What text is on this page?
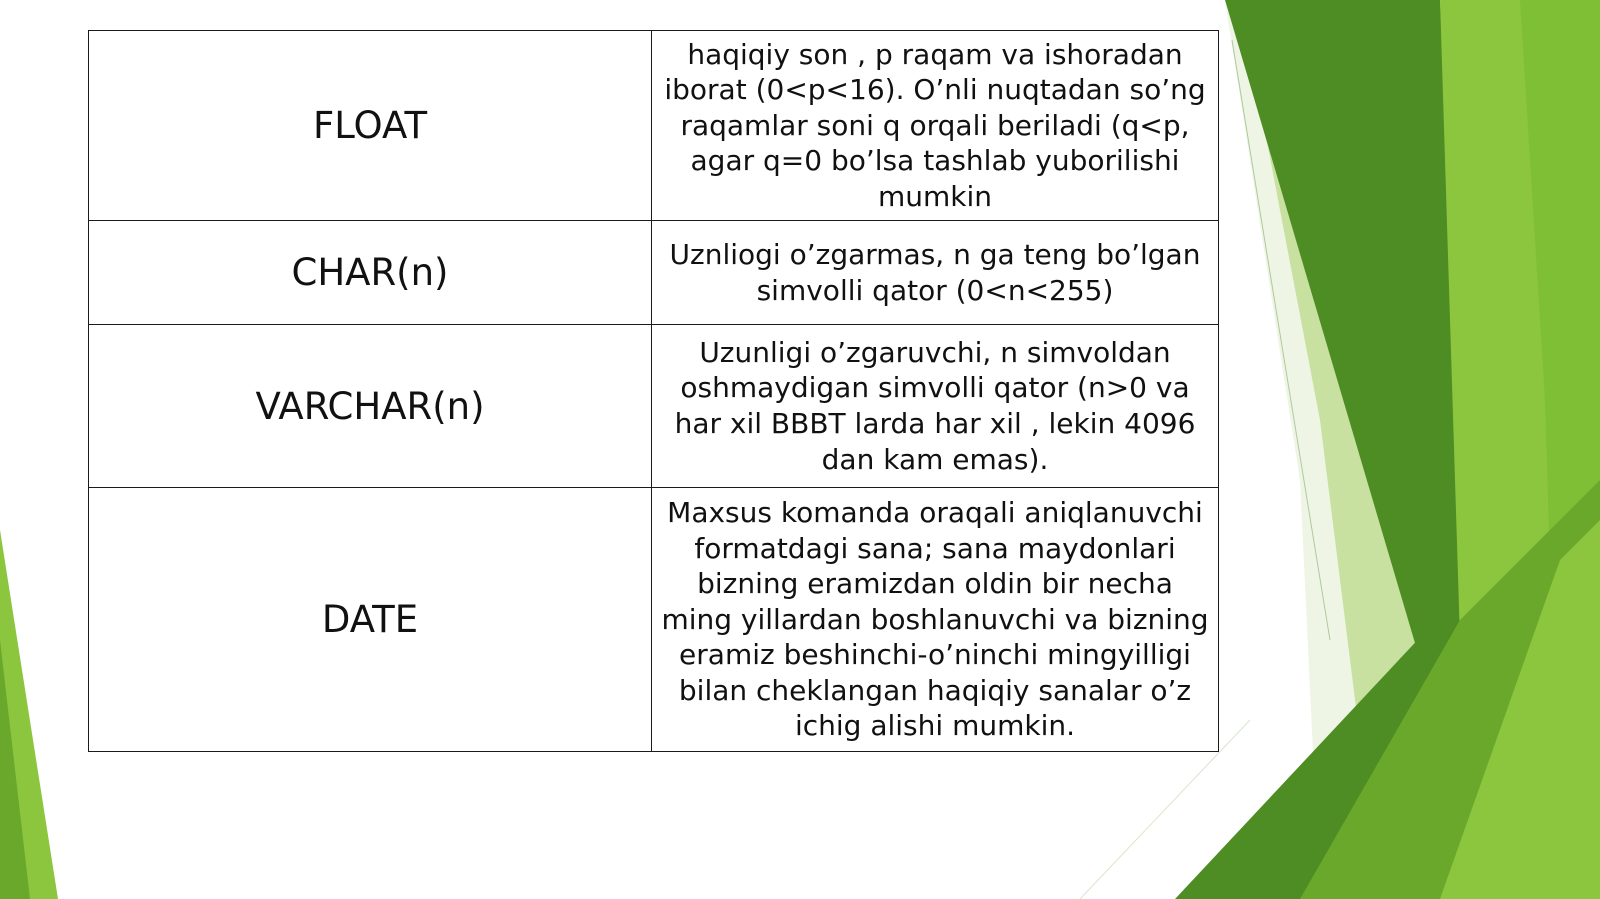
FLOAT	haqiqiy son , p raqam va ishoradan iborat (0<p<16). O’nli nuqtadan so’ng raqamlar soni q orqali beriladi (q<p, agar q=0 bo’lsa tashlab yuborilishi mumkin
CHAR(n)	Uznliogi o’zgarmas, n ga teng bo’lgan simvolli qator (0<n<255)
VARCHAR(n)	Uzunligi o’zgaruvchi, n simvoldan oshmaydigan simvolli qator (n>0 va har xil BBBT larda har xil , lekin 4096 dan kam emas).
DATE	Maxsus komanda oraqali aniqlanuvchi formatdagi sana; sana maydonlari bizning eramizdan oldin bir necha ming yillardan boshlanuvchi va bizning eramiz beshinchi-o’ninchi mingyilligi bilan cheklangan haqiqiy sanalar o’z ichig alishi mumkin.
